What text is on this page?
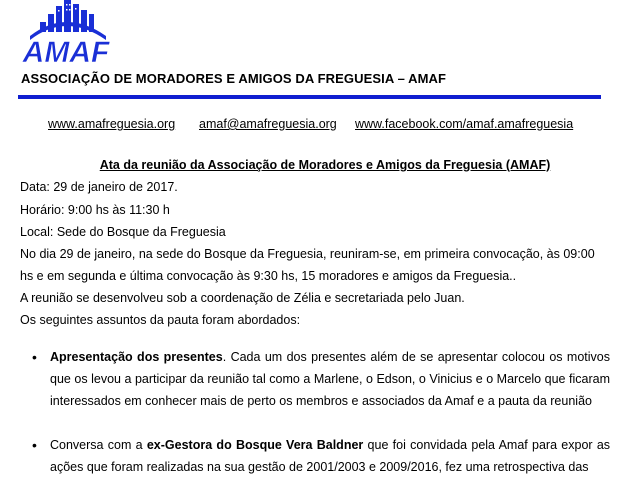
AMAF
ASSOCIAÇÃO DE MORADORES E AMIGOS DA FREGUESIA – AMAF
www.amafreguesia.org amaf@amafreguesia.org www.facebook.com/amaf.amafreguesia
Ata da reunião da Associação de Moradores e Amigos da Freguesia (AMAF)
Data: 29 de janeiro de 2017.
Horário: 9:00 hs às 11:30 h
Local: Sede do Bosque da Freguesia
No dia 29 de janeiro, na sede do Bosque da Freguesia, reuniram-se, em primeira convocação, às 09:00
hs e em segunda e última convocação às 9:30 hs, 15 moradores e amigos da Freguesia..
A reunião se desenvolveu sob a coordenação de Zélia e secretariada pelo Juan.
Os seguintes assuntos da pauta foram abordados:
• Apresentação dos presentes. Cada um dos presentes além de se apresentar colocou os motivos que os levou a participar da reunião tal como a Marlene, o Edson, o Vinicius e o Marcelo que ficaram interessados em conhecer mais de perto os membros e associados da Amaf e a pauta da reunião
• Conversa com a ex-Gestora do Bosque Vera Baldner que foi convidada pela Amaf para expor as ações que foram realizadas na sua gestão de 2001/2003 e 2009/2016, fez uma retrospectiva das
